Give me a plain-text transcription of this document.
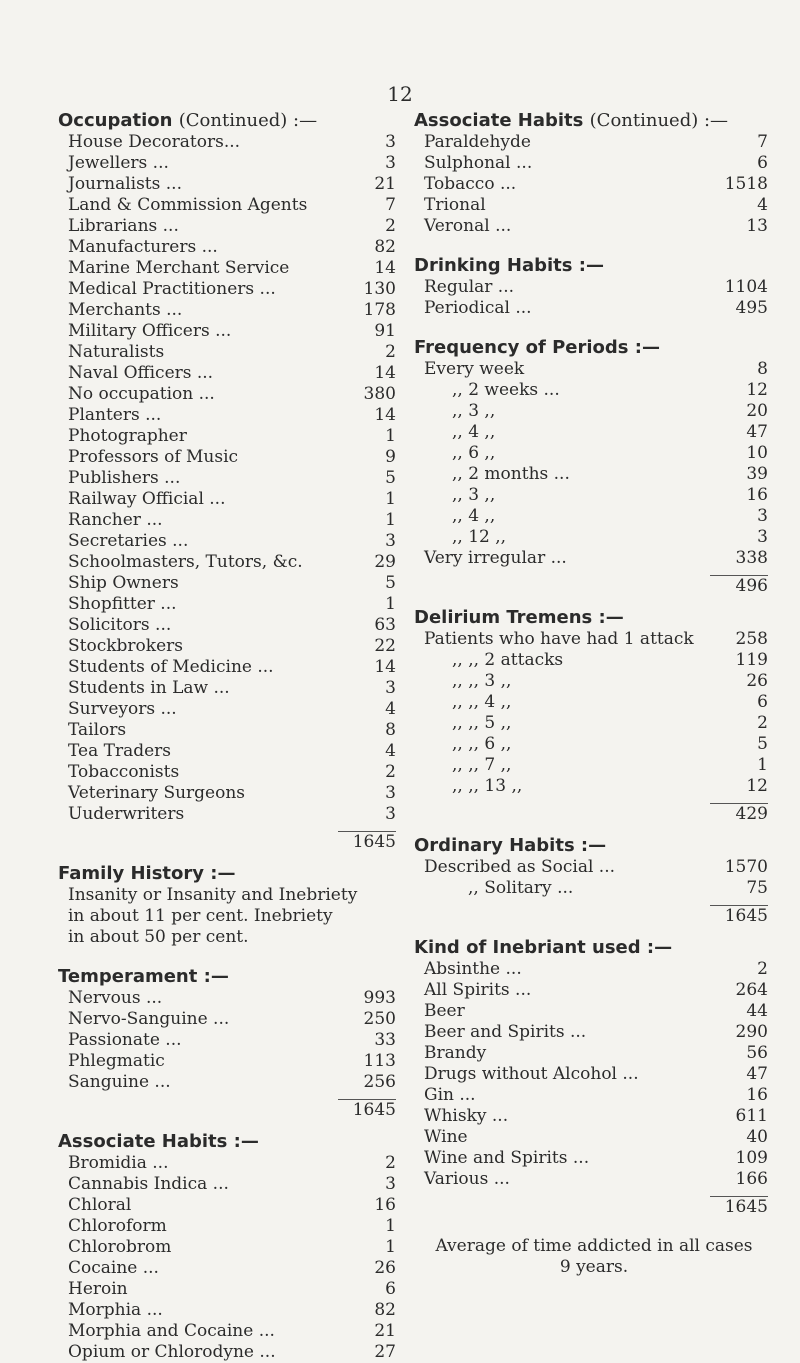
12
Occupation (Continued) :—
House Decorators...	3
Jewellers ...	3
Journalists ...	21
Land & Commission Agents	7
Librarians ...	2
Manufacturers ...	82
Marine Merchant Service	14
Medical Practitioners ...	130
Merchants ...	178
Military Officers ...	91
Naturalists	2
Naval Officers ...	14
No occupation ...	380
Planters ...	14
Photographer	1
Professors of Music	9
Publishers ...	5
Railway Official ...	1
Rancher ...	1
Secretaries ...	3
Schoolmasters, Tutors, &c.	29
Ship Owners	5
Shopfitter ...	1
Solicitors ...	63
Stockbrokers	22
Students of Medicine ...	14
Students in Law ...	3
Surveyors ...	4
Tailors	8
Tea Traders	4
Tobacconists	2
Veterinary Surgeons	3
Uuderwriters	3
1645
Family History :—
Insanity or Insanity and Inebriety
in about 11 per cent. Inebriety
in about 50 per cent.
Temperament :—
Nervous ...	993
Nervo-Sanguine ...	250
Passionate ...	33
Phlegmatic	113
Sanguine ...	256
1645
Associate Habits :—
Bromidia ...	2
Cannabis Indica ...	3
Chloral	16
Chloroform	1
Chlorobrom	1
Cocaine ...	26
Heroin	6
Morphia ...	82
Morphia and Cocaine ...	21
Opium or Chlorodyne ...	27
Associate Habits (Continued) :—
Paraldehyde	7
Sulphonal ...	6
Tobacco ...	1518
Trional	4
Veronal ...	13
Drinking Habits :—
Regular ...	1104
Periodical ...	495
Frequency of Periods :—
Every week	8
,, 2 weeks ...	12
,, 3 ,,	20
,, 4 ,,	47
,, 6 ,,	10
,, 2 months ...	39
,, 3 ,,	16
,, 4 ,,	3
,, 12 ,,	3
Very irregular ...	338
496
Delirium Tremens :—
Patients who have had 1 attack 258
,, ,, 2 attacks	119
,, ,, 3 ,,	26
,, ,, 4 ,,	6
,, ,, 5 ,,	2
,, ,, 6 ,,	5
,, ,, 7 ,,	1
,, ,, 13 ,,	12
429
Ordinary Habits :—
Described as Social ...	1570
,, Solitary ...	75
1645
Kind of Inebriant used :—
Absinthe ...	2
All Spirits ...	264
Beer	44
Beer and Spirits ...	290
Brandy	56
Drugs without Alcohol ...	47
Gin ...	16
Whisky ...	611
Wine	40
Wine and Spirits ...	109
Various ...	166
1645
Average of time addicted in all cases
9 years.
